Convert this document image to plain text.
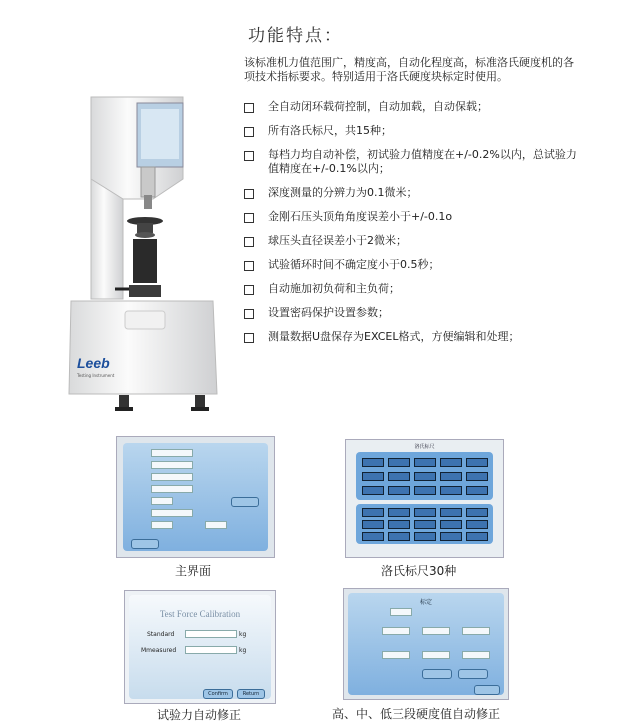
功能特点：
该标准机力值范围广，精度高，自动化程度高，标准洛氏硬度机的各项技术指标要求。特别适用于洛氏硬度块标定时使用。
全自动闭环载荷控制，自动加载，自动保载；
所有洛氏标尺，共15种；
每档力均自动补偿，初试验力值精度在+/-0.2%以内，总试验力值精度在+/-0.1%以内；
深度测量的分辨力为0.1微米；
金刚石压头顶角角度误差小于+/-0.1o
球压头直径误差小于2微米；
试验循环时间不确定度小于0.5秒；
自动施加初负荷和主负荷；
设置密码保护设置参数；
测量数据U盘保存为EXCEL格式，方便编辑和处理；
Leeb
Testing Instrument
主界面
洛氏标尺
洛氏标尺30种
Test Force Calibration
Standard	kg
Mmeasured	kg
Confirm	Return
试验力自动修正
标定
高、中、低三段硬度值自动修正
